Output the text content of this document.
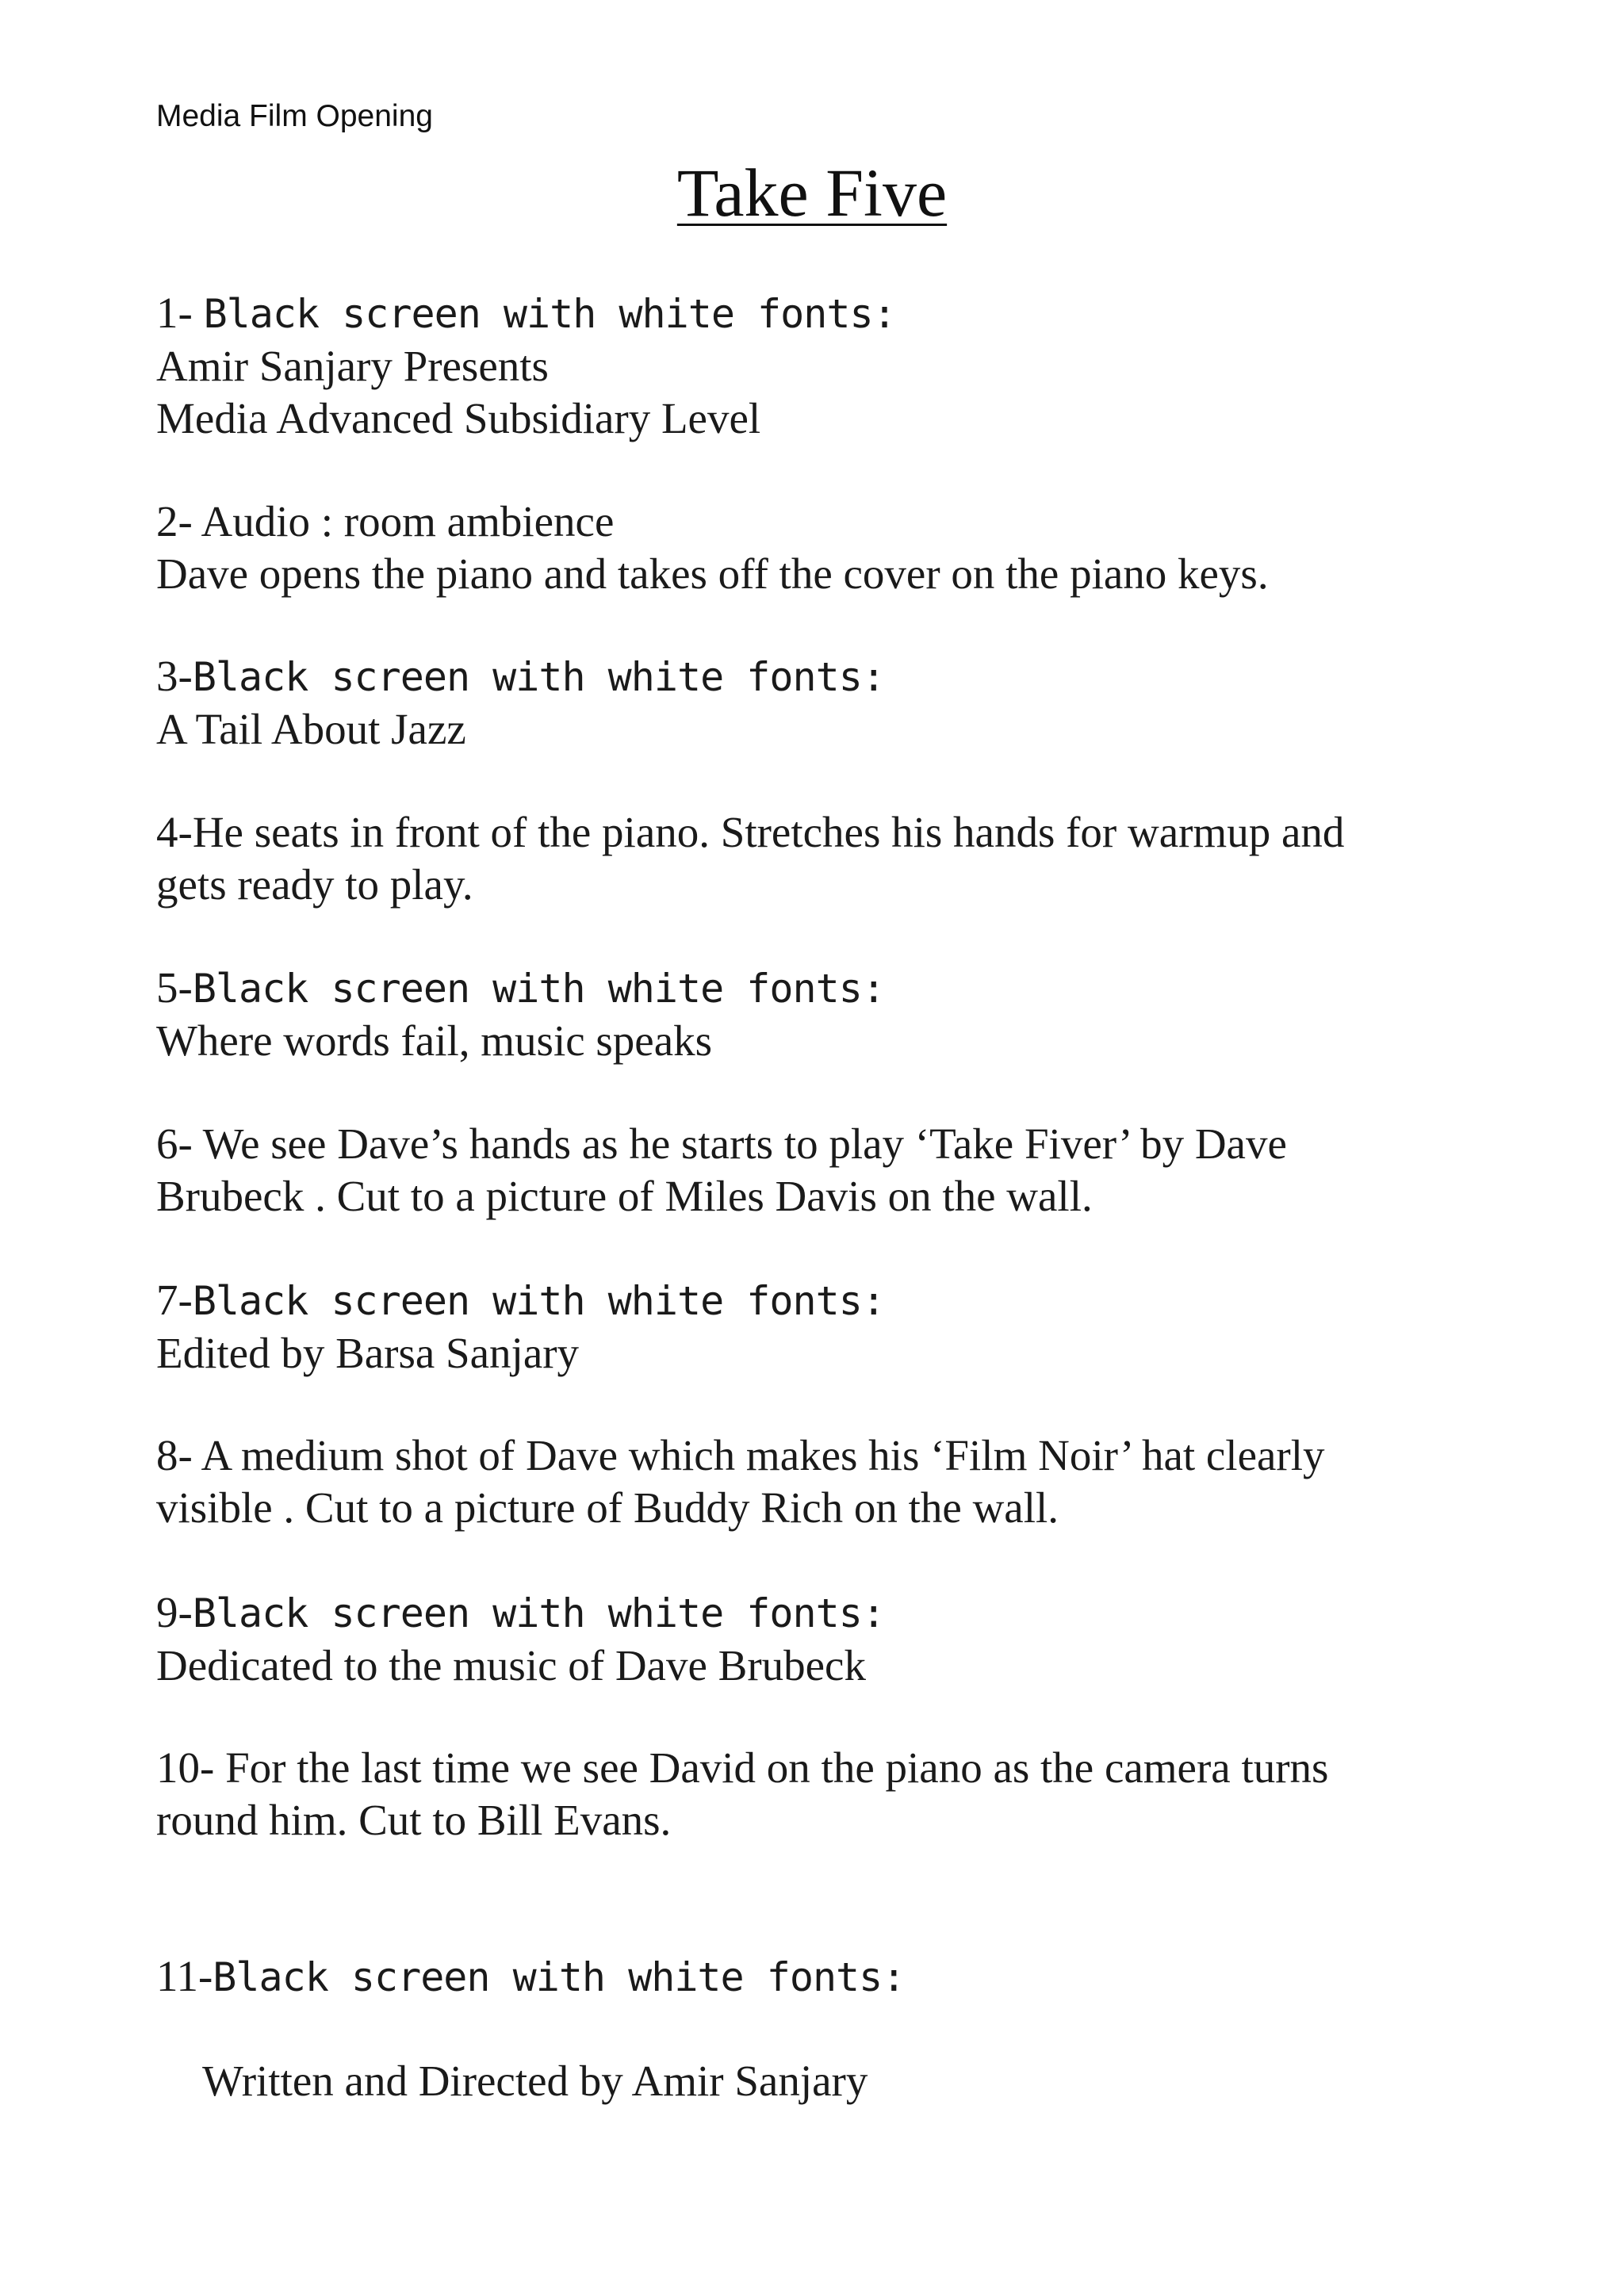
Media Film Opening
Take Five
1- Black screen with white fonts:
Amir Sanjary Presents
Media Advanced Subsidiary Level
2- Audio : room ambience
Dave opens the piano and takes off the cover on the piano keys.
3-Black screen with white fonts:
A Tail About Jazz
4-He seats in front of the piano. Stretches his hands for warmup and
gets ready to play.
5-Black screen with white fonts:
Where words fail, music speaks
6- We see Dave’s hands as he starts to play ‘Take Fiver’ by Dave
Brubeck . Cut to a picture of Miles Davis on the wall.
7-Black screen with white fonts:
Edited by Barsa Sanjary
8- A medium shot of Dave which makes his ‘Film Noir’ hat clearly
visible . Cut to a picture of Buddy Rich on the wall.
9-Black screen with white fonts:
Dedicated to the music of Dave Brubeck
10- For the last time we see David on the piano as the camera turns
round him. Cut to Bill Evans.
11-Black screen with white fonts:
Written and Directed by Amir Sanjary
